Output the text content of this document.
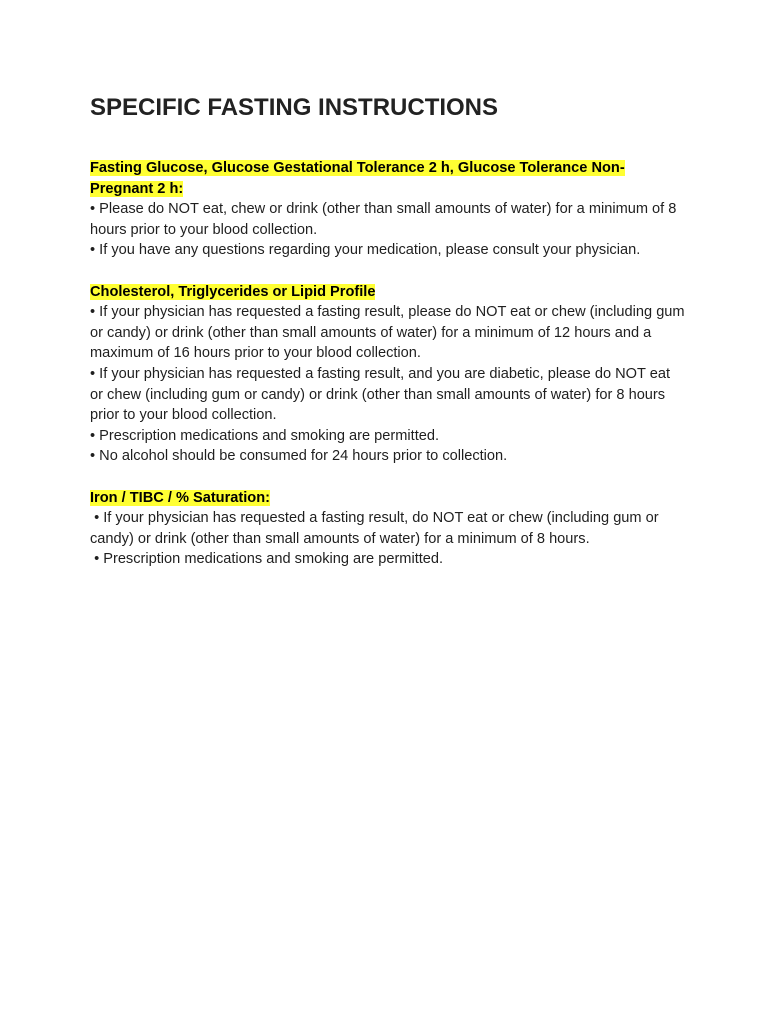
SPECIFIC FASTING INSTRUCTIONS
Fasting Glucose, Glucose Gestational Tolerance 2 h, Glucose Tolerance Non-Pregnant 2 h:
• Please do NOT eat, chew or drink (other than small amounts of water) for a minimum of 8 hours prior to your blood collection.
• If you have any questions regarding your medication, please consult your physician.
Cholesterol, Triglycerides or Lipid Profile
• If your physician has requested a fasting result, please do NOT eat or chew (including gum or candy) or drink (other than small amounts of water) for a minimum of 12 hours and a maximum of 16 hours prior to your blood collection.
• If your physician has requested a fasting result, and you are diabetic, please do NOT eat or chew (including gum or candy) or drink (other than small amounts of water) for 8 hours prior to your blood collection.
• Prescription medications and smoking are permitted.
• No alcohol should be consumed for 24 hours prior to collection.
Iron / TIBC / % Saturation:
• If your physician has requested a fasting result, do NOT eat or chew (including gum or candy) or drink (other than small amounts of water) for a minimum of 8 hours.
• Prescription medications and smoking are permitted.
